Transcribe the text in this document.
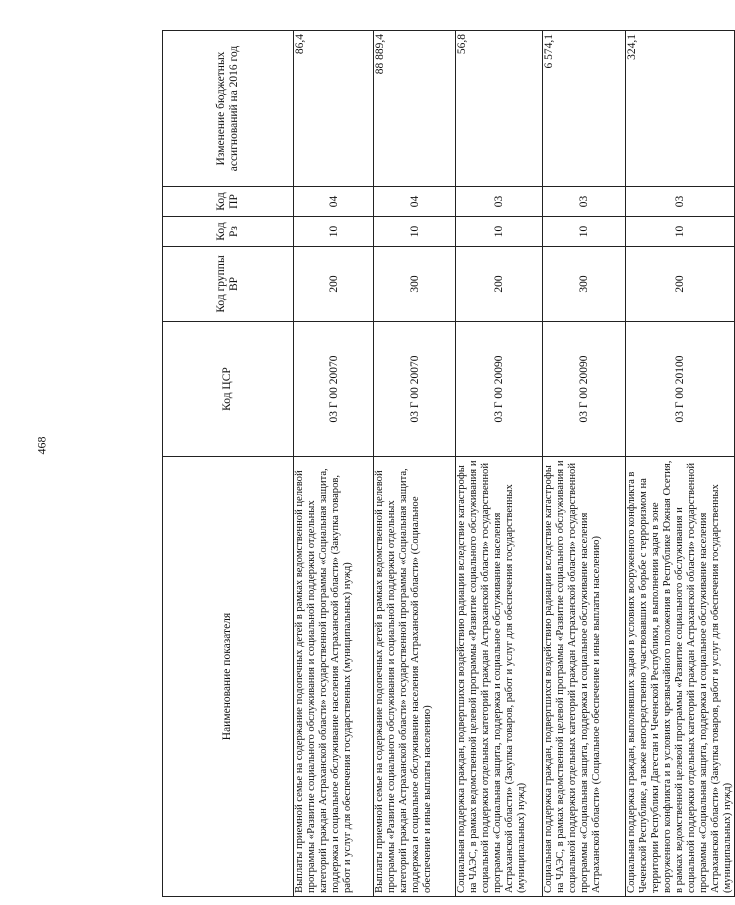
468
Наименование показателя	Код ЦСР	Код группы ВР	Код Рз	Код ПР	Изменение бюджетных ассигнований на 2016 год
Выплаты приемной семье на содержание подопечных детей в рамках ведомственной целевой программы «Развитие социального обслуживания и социальной поддержки отдельных категорий граждан Астраханской области» государственной программы «Социальная защита, поддержка и социальное обслуживание населения Астраханской области» (Закупка товаров, работ и услуг для обеспечения государственных (муниципальных) нужд)	03 Г 00 20070	200	10	04	86,4
Выплаты приемной семье на содержание подопечных детей в рамках ведомственной целевой программы «Развитие социального обслуживания и социальной поддержки отдельных категорий граждан Астраханской области» государственной программы «Социальная защита, поддержка и социальное обслуживание населения Астраханской области» (Социальное обеспечение и иные выплаты населению)	03 Г 00 20070	300	10	04	88 889,4
Социальная поддержка граждан, подвергшихся воздействию радиации вследствие катастрофы на ЧАЭС, в рамках ведомственной целевой программы «Развитие социального обслуживания и социальной поддержки отдельных категорий граждан Астраханской области» государственной программы «Социальная защита, поддержка и социальное обслуживание населения Астраханской области» (Закупка товаров, работ и услуг для обеспечения государственных (муниципальных) нужд)	03 Г 00 20090	200	10	03	56,8
Социальная поддержка граждан, подвергшихся воздействию радиации вследствие катастрофы на ЧАЭС, в рамках ведомственной целевой программы «Развитие социального обслуживания и социальной поддержки отдельных категорий граждан Астраханской области» государственной программы «Социальная защита, поддержка и социальное обслуживание населения Астраханской области» (Социальное обеспечение и иные выплаты населению)	03 Г 00 20090	300	10	03	6 574,1
Социальная поддержка граждан, выполнявших задачи в условиях вооруженного конфликта в Чеченской Республике, а также непосредственно участвовавших в борьбе с терроризмом на территории Республики Дагестан и Чеченской Республики, в выполнении задач в зоне вооруженного конфликта и в условиях чрезвычайного положения в Республике Южная Осетия, в рамках ведомственной целевой программы «Развитие социального обслуживания и социальной поддержки отдельных категорий граждан Астраханской области» государственной программы «Социальная защита, поддержка и социальное обслуживание населения Астраханской области» (Закупка товаров, работ и услуг для обеспечения государственных (муниципальных) нужд)	03 Г 00 20100	200	10	03	324,1
